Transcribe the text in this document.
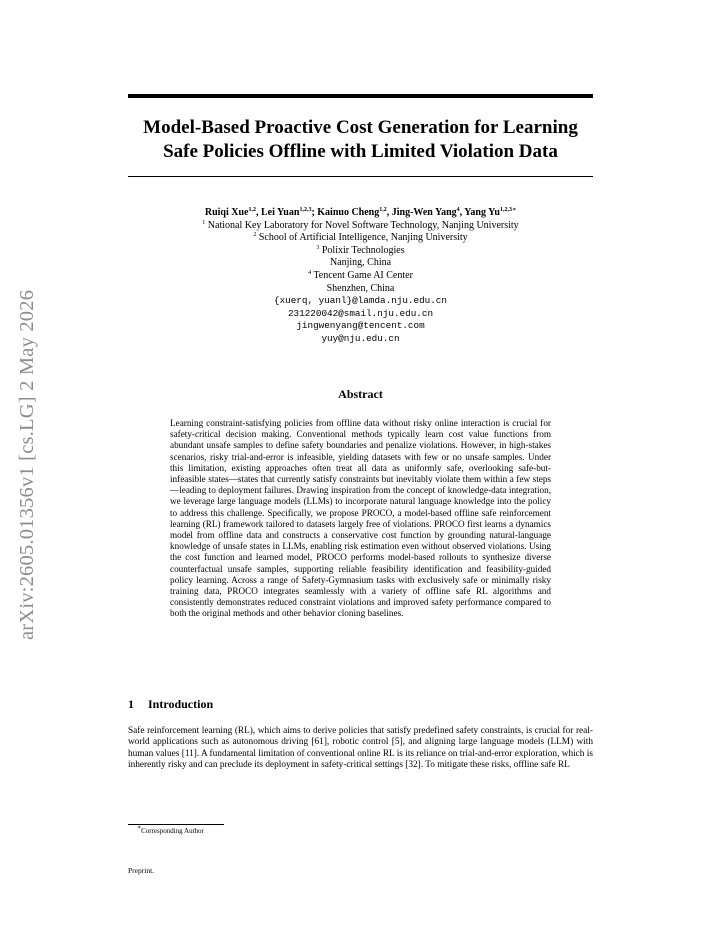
arXiv:2605.01356v1 [cs.LG] 2 May 2026
Model-Based Proactive Cost Generation for Learning
Safe Policies Offline with Limited Violation Data
Ruiqi Xue$^{1,2}$, Lei Yuan$^{1,2,3}$; Kainuo Cheng$^{1,2}$, Jing-Wen Yang$^4$, Yang $Yu^{1,2,3∗}$
$^1$ National Key Laboratory for Novel Software Technology, Nanjing University
$^2$ School of Artificial Intelligence, Nanjing University
$^3$ Polixir Technologies
Nanjing, China
$^4$ Tencent Game AI Center
Shenzhen, China
{xuerq, yuanl}@lamda.nju.edu.cn
231220042@smail.nju.edu.cn
jingwenyang@tencent.com
yuy@nju.edu.cn
Abstract
Learning constraint-satisfying policies from offline data without risky online interaction is crucial for safety-critical decision making. Conventional methods typically learn cost value functions from abundant unsafe samples to define safety boundaries and penalize violations. However, in high-stakes scenarios, risky trial-and-error is infeasible, yielding datasets with few or no unsafe samples. Under this limitation, existing approaches often treat all data as uniformly safe, overlooking safe-but-infeasible states—states that currently satisfy constraints but inevitably violate them within a few steps—leading to deployment failures. Drawing inspiration from the concept of knowledge-data integration, we leverage large language models (LLMs) to incorporate natural language knowledge into the policy to address this challenge. Specifically, we propose PROCO, a model-based offline safe reinforcement learning (RL) framework tailored to datasets largely free of violations. PROCO first learns a dynamics model from offline data and constructs a conservative cost function by grounding natural-language knowledge of unsafe states in LLMs, enabling risk estimation even without observed violations. Using the cost function and learned model, PROCO performs model-based rollouts to synthesize diverse counterfactual unsafe samples, supporting reliable feasibility identification and feasibility-guided policy learning. Across a range of Safety-Gymnasium tasks with exclusively safe or minimally risky training data, PROCO integrates seamlessly with a variety of offline safe RL algorithms and consistently demonstrates reduced constraint violations and improved safety performance compared to both the original methods and other behavior cloning baselines.
1 Introduction
Safe reinforcement learning (RL), which aims to derive policies that satisfy predefined safety constraints, is crucial for real-world applications such as autonomous driving [61], robotic control [5], and aligning large language models (LLM) with human values [11]. A fundamental limitation of conventional online RL is its reliance on trial-and-error exploration, which is inherently risky and can preclude its deployment in safety-critical settings [32]. To mitigate these risks, offline safe RL
∗Corresponding Author
Preprint.
